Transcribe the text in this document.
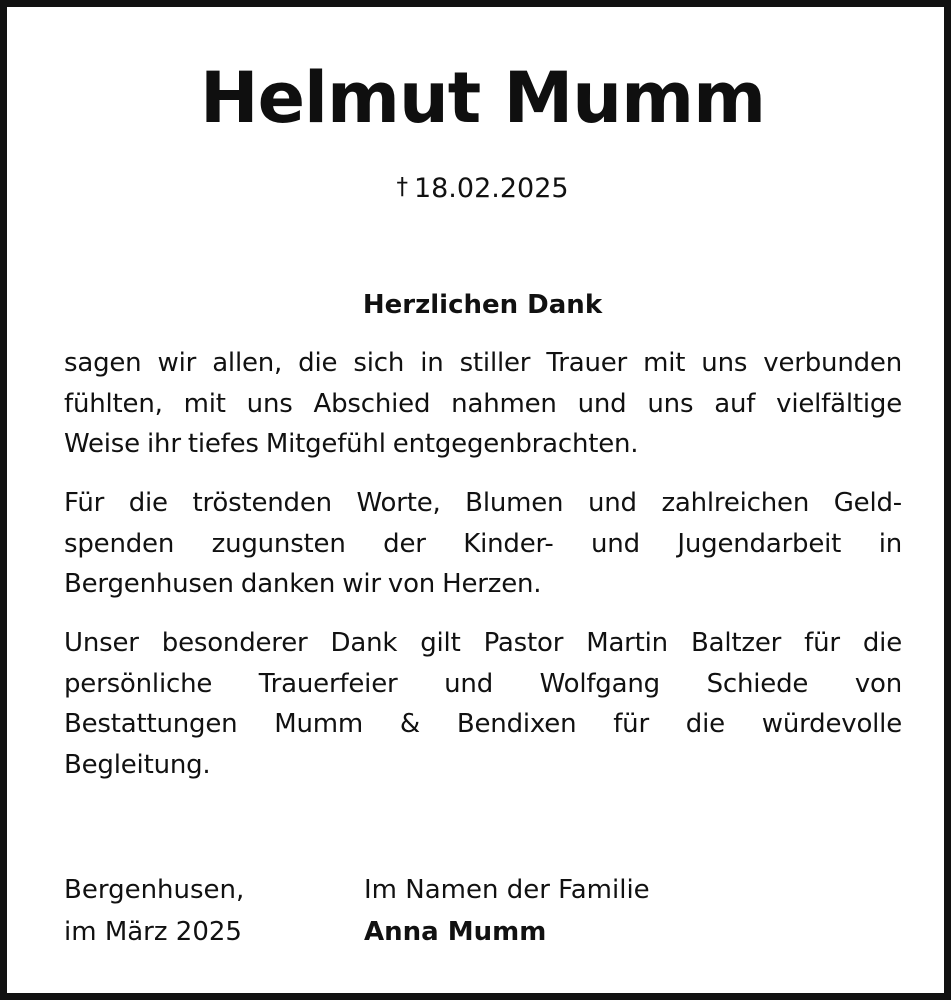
Helmut Mumm
† 18.02.2025
Herzlichen Dank
sagen wir allen, die sich in stiller Trauer mit uns verbunden
fühlten, mit uns Abschied nahmen und uns auf vielfältige
Weise ihr tiefes Mitgefühl entgegenbrachten.
Für die tröstenden Worte, Blumen und zahlreichen Geld-
spenden zugunsten der Kinder- und Jugendarbeit in
Bergenhusen danken wir von Herzen.
Unser besonderer Dank gilt Pastor Martin Baltzer für die
persönliche Trauerfeier und Wolfgang Schiede von
Bestattungen Mumm & Bendixen für die würdevolle
Begleitung.
Bergenhusen,
im März 2025
Im Namen der Familie
Anna Mumm
